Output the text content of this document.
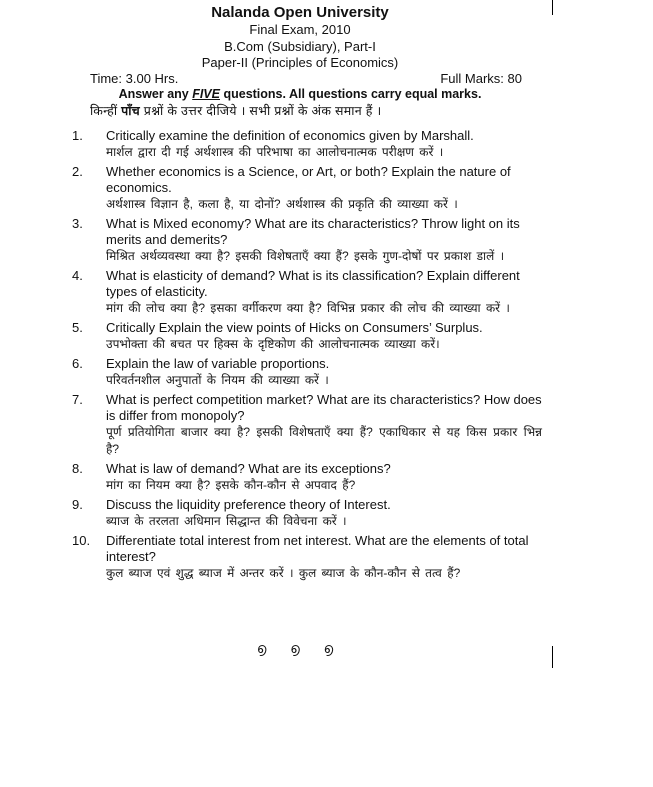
Nalanda Open University
Final Exam, 2010
B.Com (Subsidiary), Part-I
Paper-II (Principles of Economics)
Time: 3.00 Hrs.	Full Marks: 80
Answer any FIVE questions. All questions carry equal marks.
किन्हीं पाँच प्रश्नों के उत्तर दीजिये । सभी प्रश्नों के अंक समान हैं ।
1.	Critically examine the definition of economics given by Marshall.
मार्शल द्वारा दी गई अर्थशास्त्र की परिभाषा का आलोचनात्मक परीक्षण करें ।
2.	Whether economics is a Science, or Art, or both? Explain the nature of economics.
अर्थशास्त्र विज्ञान है, कला है, या दोनों? अर्थशास्त्र की प्रकृति की व्याख्या करें ।
3.	What is Mixed economy? What are its characteristics? Throw light on its merits and demerits?
मिश्रित अर्थव्यवस्था क्या है? इसकी विशेषताएँ क्या हैं? इसके गुण-दोषों पर प्रकाश डालें ।
4.	What is elasticity of demand? What is its classification? Explain different types of elasticity.
मांग की लोच क्या है? इसका वर्गीकरण क्या है? विभिन्न प्रकार की लोच की व्याख्या करें ।
5.	Critically Explain the view points of Hicks on Consumers’ Surplus.
उपभोक्ता की बचत पर हिक्स के दृष्टिकोण की आलोचनात्मक व्याख्या करें।
6.	Explain the law of variable proportions.
परिवर्तनशील अनुपातों के नियम की व्याख्या करें ।
7.	What is perfect competition market? What are its characteristics? How does is differ from monopoly?
पूर्ण प्रतियोगिता बाजार क्या है? इसकी विशेषताएँ क्या हैं? एकाधिकार से यह किस प्रकार भिन्न है?
8.	What is law of demand? What are its exceptions?
मांग का नियम क्या है? इसके कौन-कौन से अपवाद हैं?
9.	Discuss the liquidity preference theory of Interest.
ब्याज के तरलता अधिमान सिद्धान्त की विवेचना करें ।
10.	Differentiate total interest from net interest. What are the elements of total interest?
कुल ब्याज एवं शुद्ध ब्याज में अन्तर करें । कुल ब्याज के कौन-कौन से तत्व हैं?
൭ ൭ ൭
